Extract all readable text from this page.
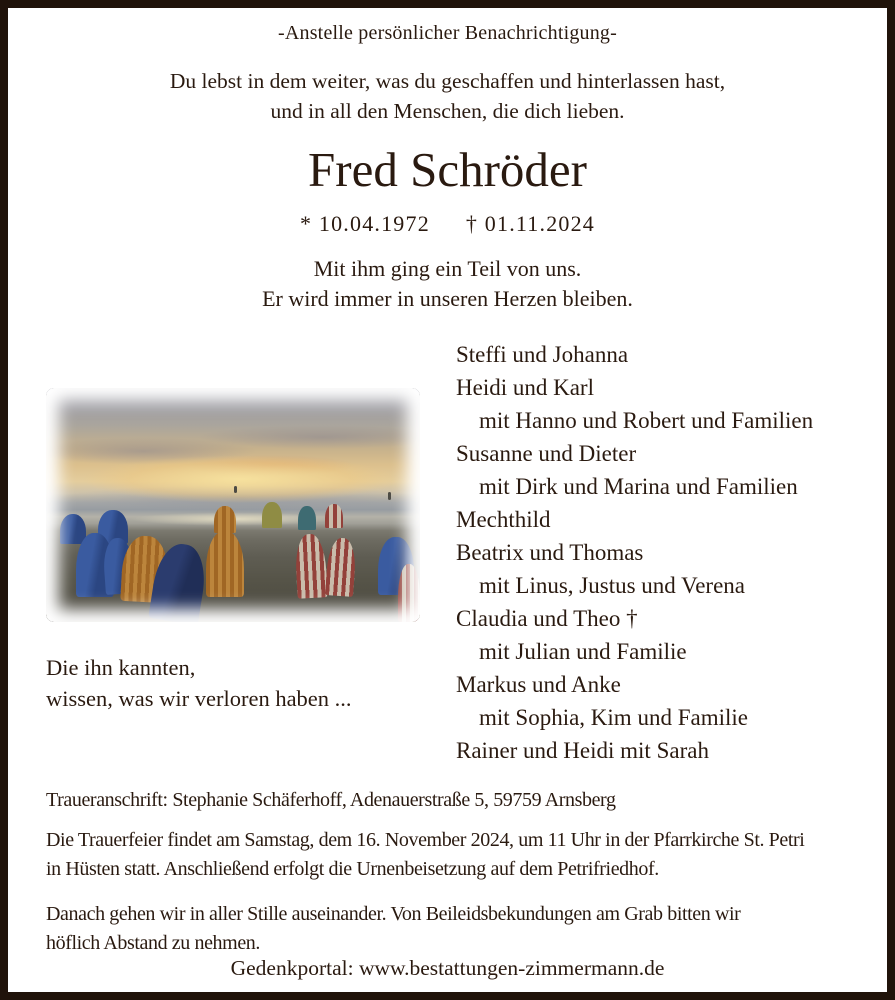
-Anstelle persönlicher Benachrichtigung-
Du lebst in dem weiter, was du geschaffen und hinterlassen hast,
und in all den Menschen, die dich lieben.
Fred Schröder
* 10.04.1972 † 01.11.2024
Mit ihm ging ein Teil von uns.
Er wird immer in unseren Herzen bleiben.
Die ihn kannten,
wissen, was wir verloren haben ...
Steffi und Johanna
Heidi und Karl
mit Hanno und Robert und Familien
Susanne und Dieter
mit Dirk und Marina und Familien
Mechthild
Beatrix und Thomas
mit Linus, Justus und Verena
Claudia und Theo †
mit Julian und Familie
Markus und Anke
mit Sophia, Kim und Familie
Rainer und Heidi mit Sarah
Traueranschrift: Stephanie Schäferhoff, Adenauerstraße 5, 59759 Arnsberg
Die Trauerfeier findet am Samstag, dem 16. November 2024, um 11 Uhr in der Pfarrkirche St. Petri
in Hüsten statt. Anschließend erfolgt die Urnenbeisetzung auf dem Petrifriedhof.
Danach gehen wir in aller Stille auseinander. Von Beileidsbekundungen am Grab bitten wir
höflich Abstand zu nehmen.
Gedenkportal: www.bestattungen-zimmermann.de
